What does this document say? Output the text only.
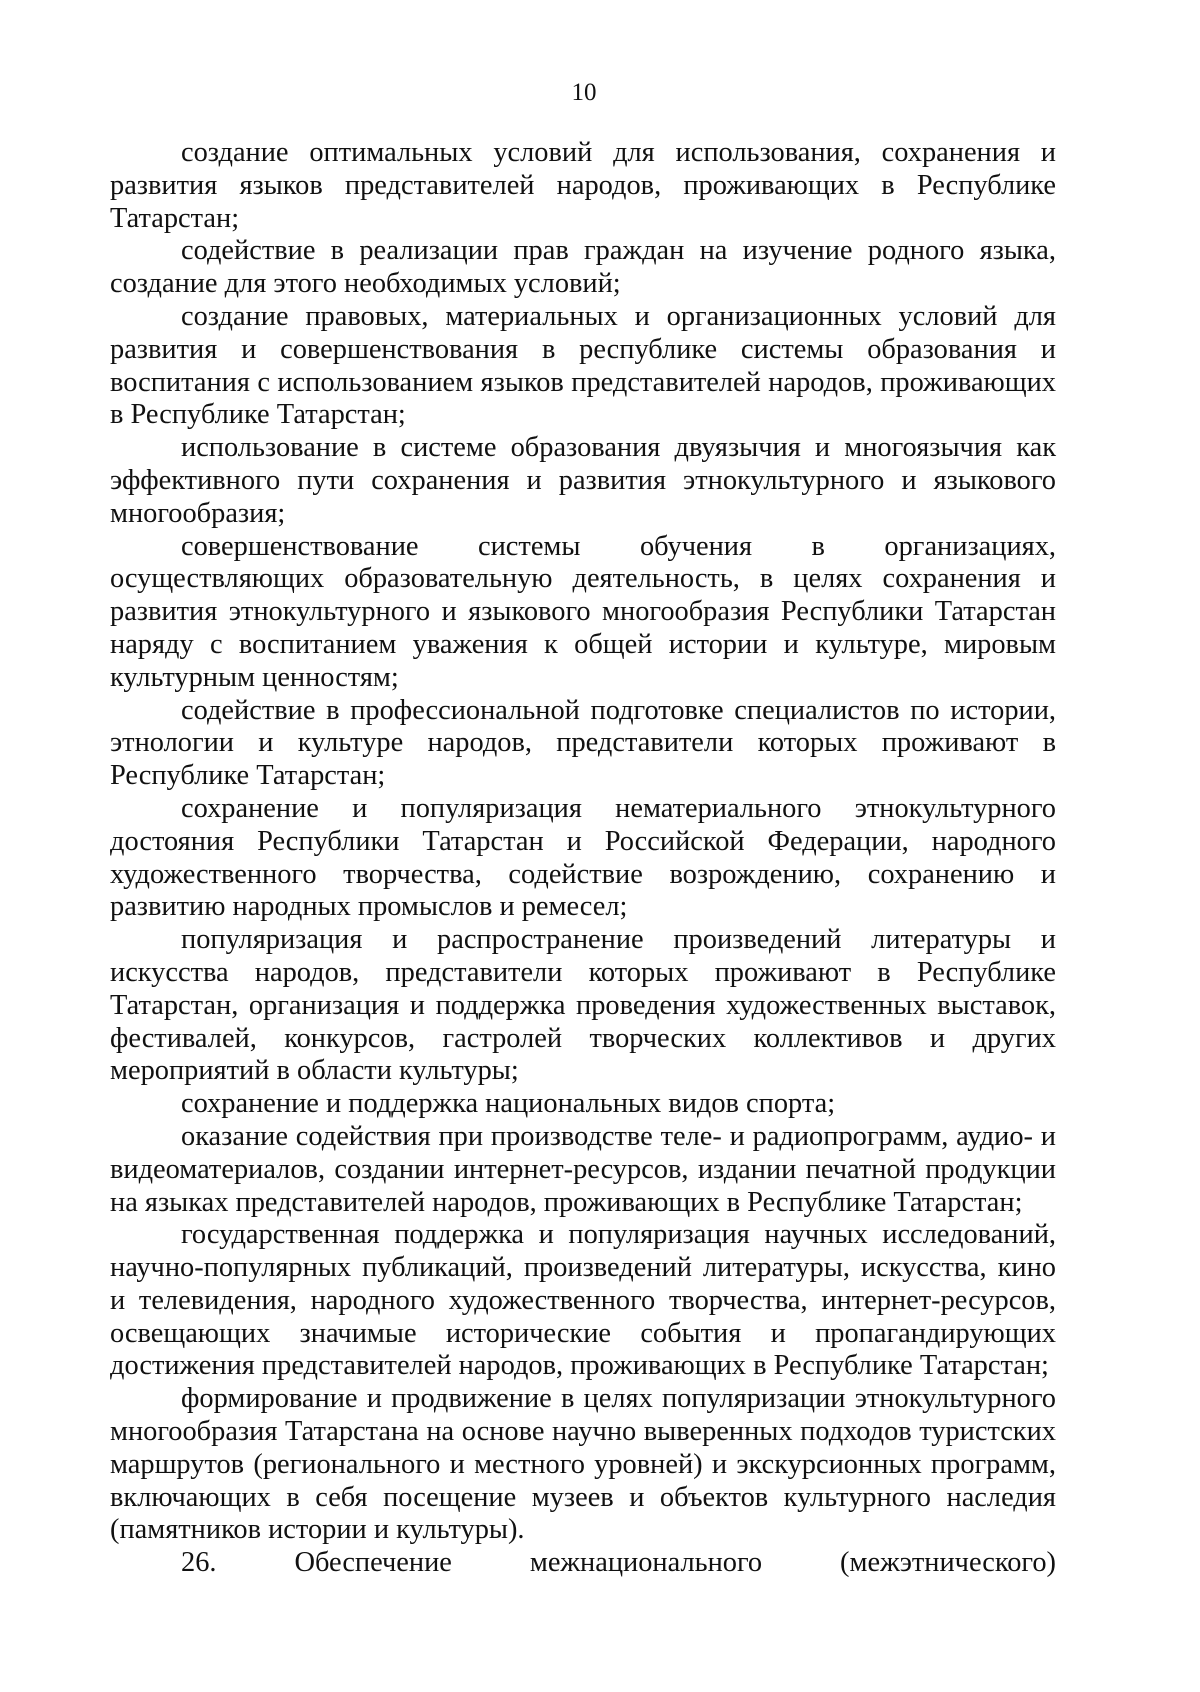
10

создание оптимальных условий для использования, сохранения и развития языков представителей народов, проживающих в Республике Татарстан;

содействие в реализации прав граждан на изучение родного языка, создание для этого необходимых условий;

создание правовых, материальных и организационных условий для развития и совершенствования в республике системы образования и воспитания с использованием языков представителей народов, проживающих в Республике Татарстан;

использование в системе образования двуязычия и многоязычия как эффективного пути сохранения и развития этнокультурного и языкового многообразия;

совершенствование системы обучения в организациях, осуществляющих образовательную деятельность, в целях сохранения и развития этнокультурного и языкового многообразия Республики Татарстан наряду с воспитанием уважения к общей истории и культуре, мировым культурным ценностям;

содействие в профессиональной подготовке специалистов по истории, этнологии и культуре народов, представители которых проживают в Республике Татарстан;

сохранение и популяризация нематериального этнокультурного достояния Республики Татарстан и Российской Федерации, народного художественного творчества, содействие возрождению, сохранению и развитию народных промыслов и ремесел;

популяризация и распространение произведений литературы и искусства народов, представители которых проживают в Республике Татарстан, организация и поддержка проведения художественных выставок, фестивалей, конкурсов, гастролей творческих коллективов и других мероприятий в области культуры;

сохранение и поддержка национальных видов спорта;

оказание содействия при производстве теле- и радиопрограмм, аудио- и видеоматериалов, создании интернет-ресурсов, издании печатной продукции на языках представителей народов, проживающих в Республике Татарстан;

государственная поддержка и популяризация научных исследований, научно-популярных публикаций, произведений литературы, искусства, кино и телевидения, народного художественного творчества, интернет-ресурсов, освещающих значимые исторические события и пропагандирующих достижения представителей народов, проживающих в Республике Татарстан;

формирование и продвижение в целях популяризации этнокультурного многообразия Татарстана на основе научно выверенных подходов туристских маршрутов (регионального и местного уровней) и экскурсионных программ, включающих в себя посещение музеев и объектов культурного наследия (памятников истории и культуры).

26. Обеспечение межнационального (межэтнического)
